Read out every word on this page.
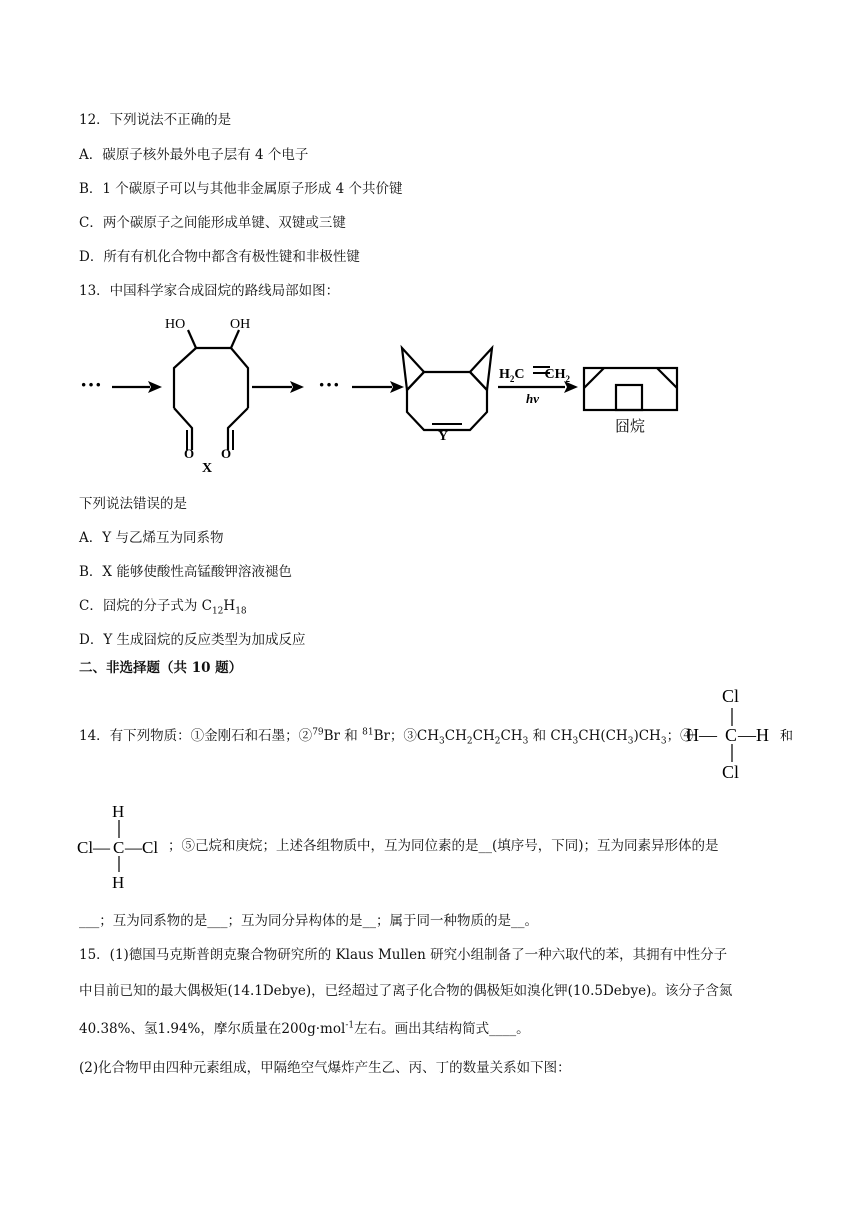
12．下列说法不正确的是
A．碳原子核外最外电子层有 4 个电子
B．1 个碳原子可以与其他非金属原子形成 4 个共价键
C．两个碳原子之间能形成单键、双键或三键
D．所有有机化合物中都含有极性键和非极性键
13．中国科学家合成囧烷的路线局部如图：
···	···
HO	OH
O O
X
Y
$H_2C$ $CH_2$
hv
囧烷
下列说法错误的是
A．Y 与乙烯互为同系物
B．X 能够使酸性高锰酸钾溶液褪色
C．囧烷的分子式为 $C_{12}H_{18}$
D．Y 生成囧烷的反应类型为加成反应
二、非选择题（共 10 题）
14．有下列物质：①金刚石和石墨；②$^{79}$Br 和 $^{81}$Br；$③CH_3CH_2CH_2CH_3$ 和 $CH_3CH(CH_3)CH_3$；④
Cl
H— C —H 和
Cl
H
Cl— C —Cl
H
；⑤己烷和庚烷；上述各组物质中，互为同位素的是__(填序号，下同)；互为同素异形体的是
___；互为同系物的是___；互为同分异构体的是__；属于同一种物质的是__。
15．(1)德国马克斯普朗克聚合物研究所的 Klaus Mullen 研究小组制备了一种六取代的苯，其拥有中性分子
中目前已知的最大偶极矩(14.1Debye)，已经超过了离子化合物的偶极矩如溴化钾(10.5Debye)。该分子含氮
40.38%、氢1.94%，摩尔质量在200g·mol$^{-1}$左右。画出其结构简式____。
(2)化合物甲由四种元素组成，甲隔绝空气爆炸产生乙、丙、丁的数量关系如下图：
